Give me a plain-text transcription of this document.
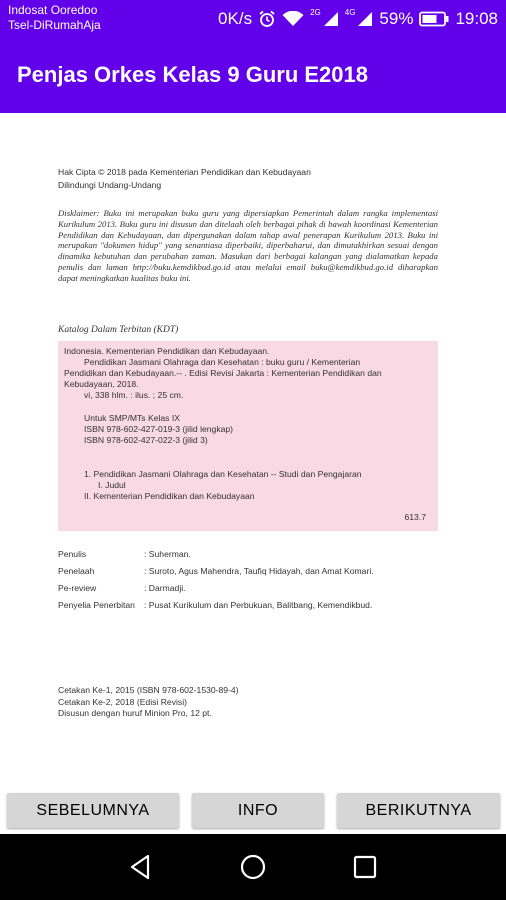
Indosat Ooredoo
Tsel-DiRumahAja	0K/s	2G	4G 59% 19:08
Penjas Orkes Kelas 9 Guru E2018
Hak Cipta © 2018 pada Kementerian Pendidikan dan Kebudayaan
Dilindungi Undang-Undang
Disklaimer: Buku ini merupakan buku guru yang dipersiapkan Pemerintah dalam rangka implementasi Kurikulum 2013. Buku guru ini disusun dan ditelaah oleh berbagai pihak di bawah koordinasi Kementerian Pendidikan dan Kebudayaan, dan dipergunakan dalam tahap awal penerapan Kurikulum 2013. Buku ini merupakan "dokumen hidup" yang senantiasa diperbaiki, diperbaharui, dan dimutakhirkan sesuai dengan dinamika kebutuhan dan perubahan zaman. Masukan dari berbagai kalangan yang dialamatkan kepada penulis dan laman http://buku.kemdikbud.go.id atau melalui email buku@kemdikbud.go.id diharapkan dapat meningkatkan kualitas buku ini.
Katalog Dalam Terbitan (KDT)
Indonesia. Kementerian Pendidikan dan Kebudayaan.
Pendidikan Jasmani Olahraga dan Kesehatan : buku guru / Kementerian
Pendidikan dan Kebudayaan.-- . Edisi Revisi Jakarta : Kementerian Pendidikan dan
Kebudayaan, 2018.
vi, 338 hlm. : ilus. ; 25 cm.
Untuk SMP/MTs Kelas IX
ISBN 978-602-427-019-3 (jilid lengkap)
ISBN 978-602-427-022-3 (jilid 3)
1. Pendidikan Jasmani Olahraga dan Kesehatan -- Studi dan Pengajaran
I. Judul
II. Kementerian Pendidikan dan Kebudayaan
613.7
Penulis	: Suherman.
Penelaah	: Suroto, Agus Mahendra, Taufiq Hidayah, dan Amat Komari.
Pe-review	: Darmadji.
Penyelia Penerbitan : Pusat Kurikulum dan Perbukuan, Balitbang, Kemendikbud.
Cetakan Ke-1, 2015 (ISBN 978-602-1530-89-4)
Cetakan Ke-2, 2018 (Edisi Revisi)
Disusun dengan huruf Minion Pro, 12 pt.
SEBELUMNYA	INFO	BERIKUTNYA
